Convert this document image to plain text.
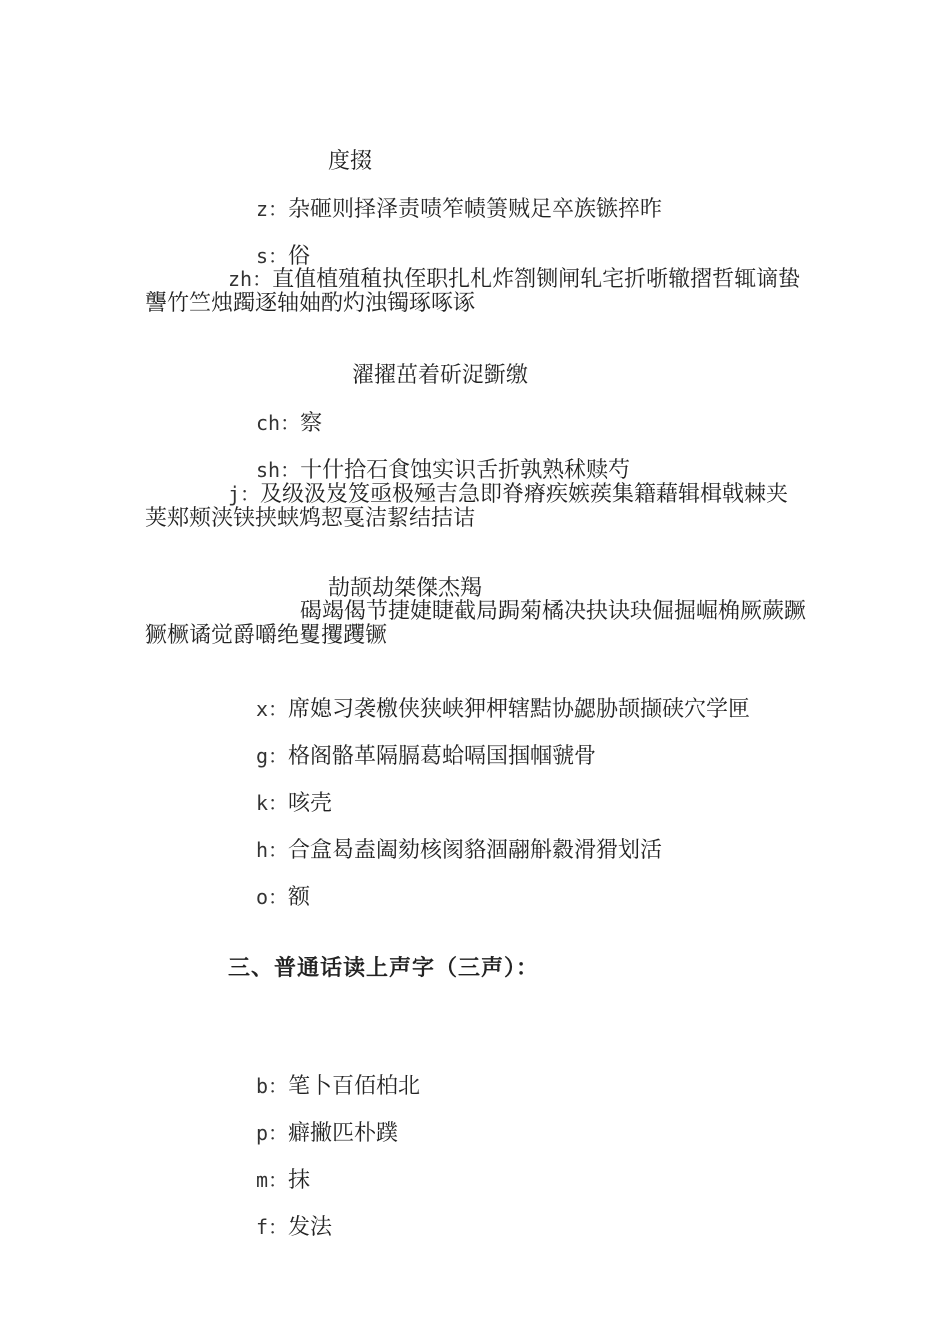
度掇

z：杂砸则择泽责啧笮帻箦贼足卒族镞捽昨

s：俗

zh：直值植殖稙执侄职扎札炸劄铡闸轧宅折哳辙摺哲辄谪蛰讋竹竺烛躅逐轴妯酌灼浊镯琢啄诼

濯擢茁着斫浞斵缴

ch：察

sh：十什拾石食蚀实识舌折孰熟秫赎芍

j：及级汲岌笈亟极殛吉急即脊瘠疾嫉蒺集籍藉辑楫戟棘夹荚郏颊浃铗挟蛱鸩恝戛洁絜结拮诘

劼颉劫桀傑杰羯

碣竭偈节捷婕睫截局跼菊橘决抉诀玦倔掘崛桷厥蕨蹶獗橛谲觉爵嚼绝矍攫躩镢

x：席媳习袭檄侠狭峡狎柙辖黠协勰胁颉撷硖穴学匣

g：格阁骼革隔膈葛蛤嗝国掴帼虢骨

k：咳壳

h：合盒曷盍阖劾核阂貉涸翮斛縠滑猾划活

o：额

三、普通话读上声字（三声）：

b：笔卜百佰柏北

p：癖撇匹朴蹼

m：抹

f：发法
